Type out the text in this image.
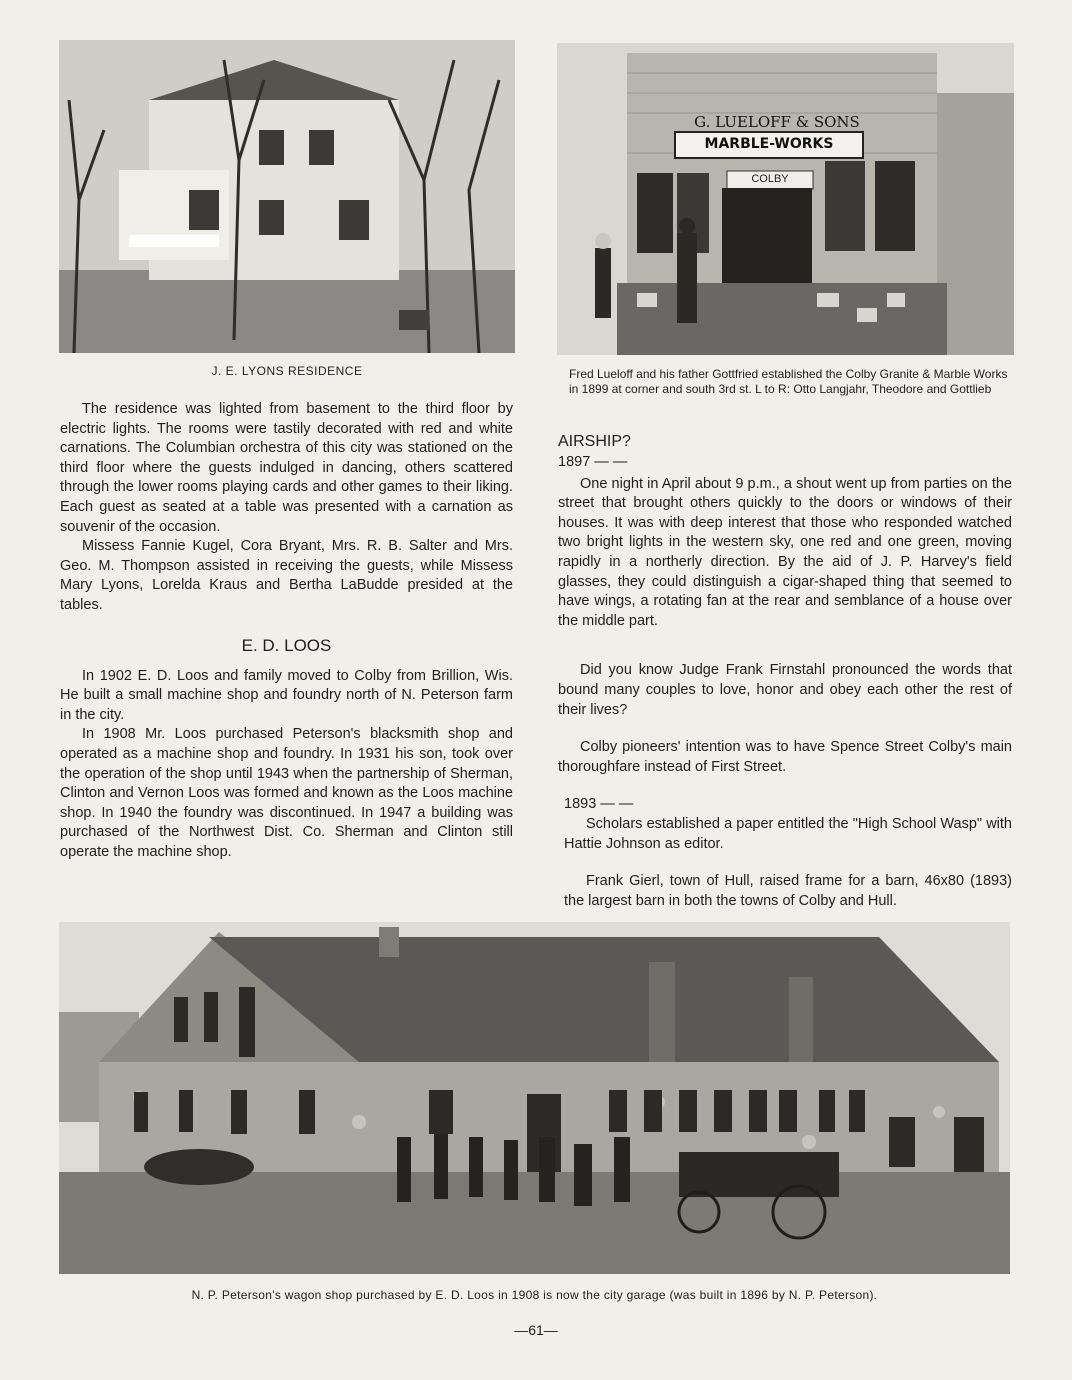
J. E. LYONS RESIDENCE
G. LUELOFF & SONS
MARBLE-WORKS
COLBY
Fred Lueloff and his father Gottfried established the Colby Granite & Marble Works in 1899 at corner and south 3rd st. L to R: Otto Langjahr, Theodore and Gottlieb

The residence was lighted from basement to the third floor by electric lights. The rooms were tastily decorated with red and white carnations. The Columbian orchestra of this city was stationed on the third floor where the guests indulged in dancing, others scattered through the lower rooms playing cards and other games to their liking. Each guest as seated at a table was presented with a carnation as souvenir of the occasion.

Missess Fannie Kugel, Cora Bryant, Mrs. R. B. Salter and Mrs. Geo. M. Thompson assisted in receiving the guests, while Missess Mary Lyons, Lorelda Kraus and Bertha LaBudde presided at the tables.

E. D. LOOS

In 1902 E. D. Loos and family moved to Colby from Brillion, Wis. He built a small machine shop and foundry north of N. Peterson farm in the city.

In 1908 Mr. Loos purchased Peterson's blacksmith shop and operated as a machine shop and foundry. In 1931 his son, took over the operation of the shop until 1943 when the partnership of Sherman, Clinton and Vernon Loos was formed and known as the Loos machine shop. In 1940 the foundry was discontinued. In 1947 a building was purchased of the Northwest Dist. Co. Sherman and Clinton still operate the machine shop.

AIRSHIP?
1897 — —

One night in April about 9 p.m., a shout went up from parties on the street that brought others quickly to the doors or windows of their houses. It was with deep interest that those who responded watched two bright lights in the western sky, one red and one green, moving rapidly in a northerly direction. By the aid of J. P. Harvey's field glasses, they could distinguish a cigar-shaped thing that seemed to have wings, a rotating fan at the rear and semblance of a house over the middle part.

Did you know Judge Frank Firnstahl pronounced the words that bound many couples to love, honor and obey each other the rest of their lives?

Colby pioneers' intention was to have Spence Street Colby's main thoroughfare instead of First Street.

1893 — —

Scholars established a paper entitled the "High School Wasp" with Hattie Johnson as editor.

Frank Gierl, town of Hull, raised frame for a barn, 46x80 (1893) the largest barn in both the towns of Colby and Hull.

N. P. Peterson's wagon shop purchased by E. D. Loos in 1908 is now the city garage (was built in 1896 by N. P. Peterson).
—61—
